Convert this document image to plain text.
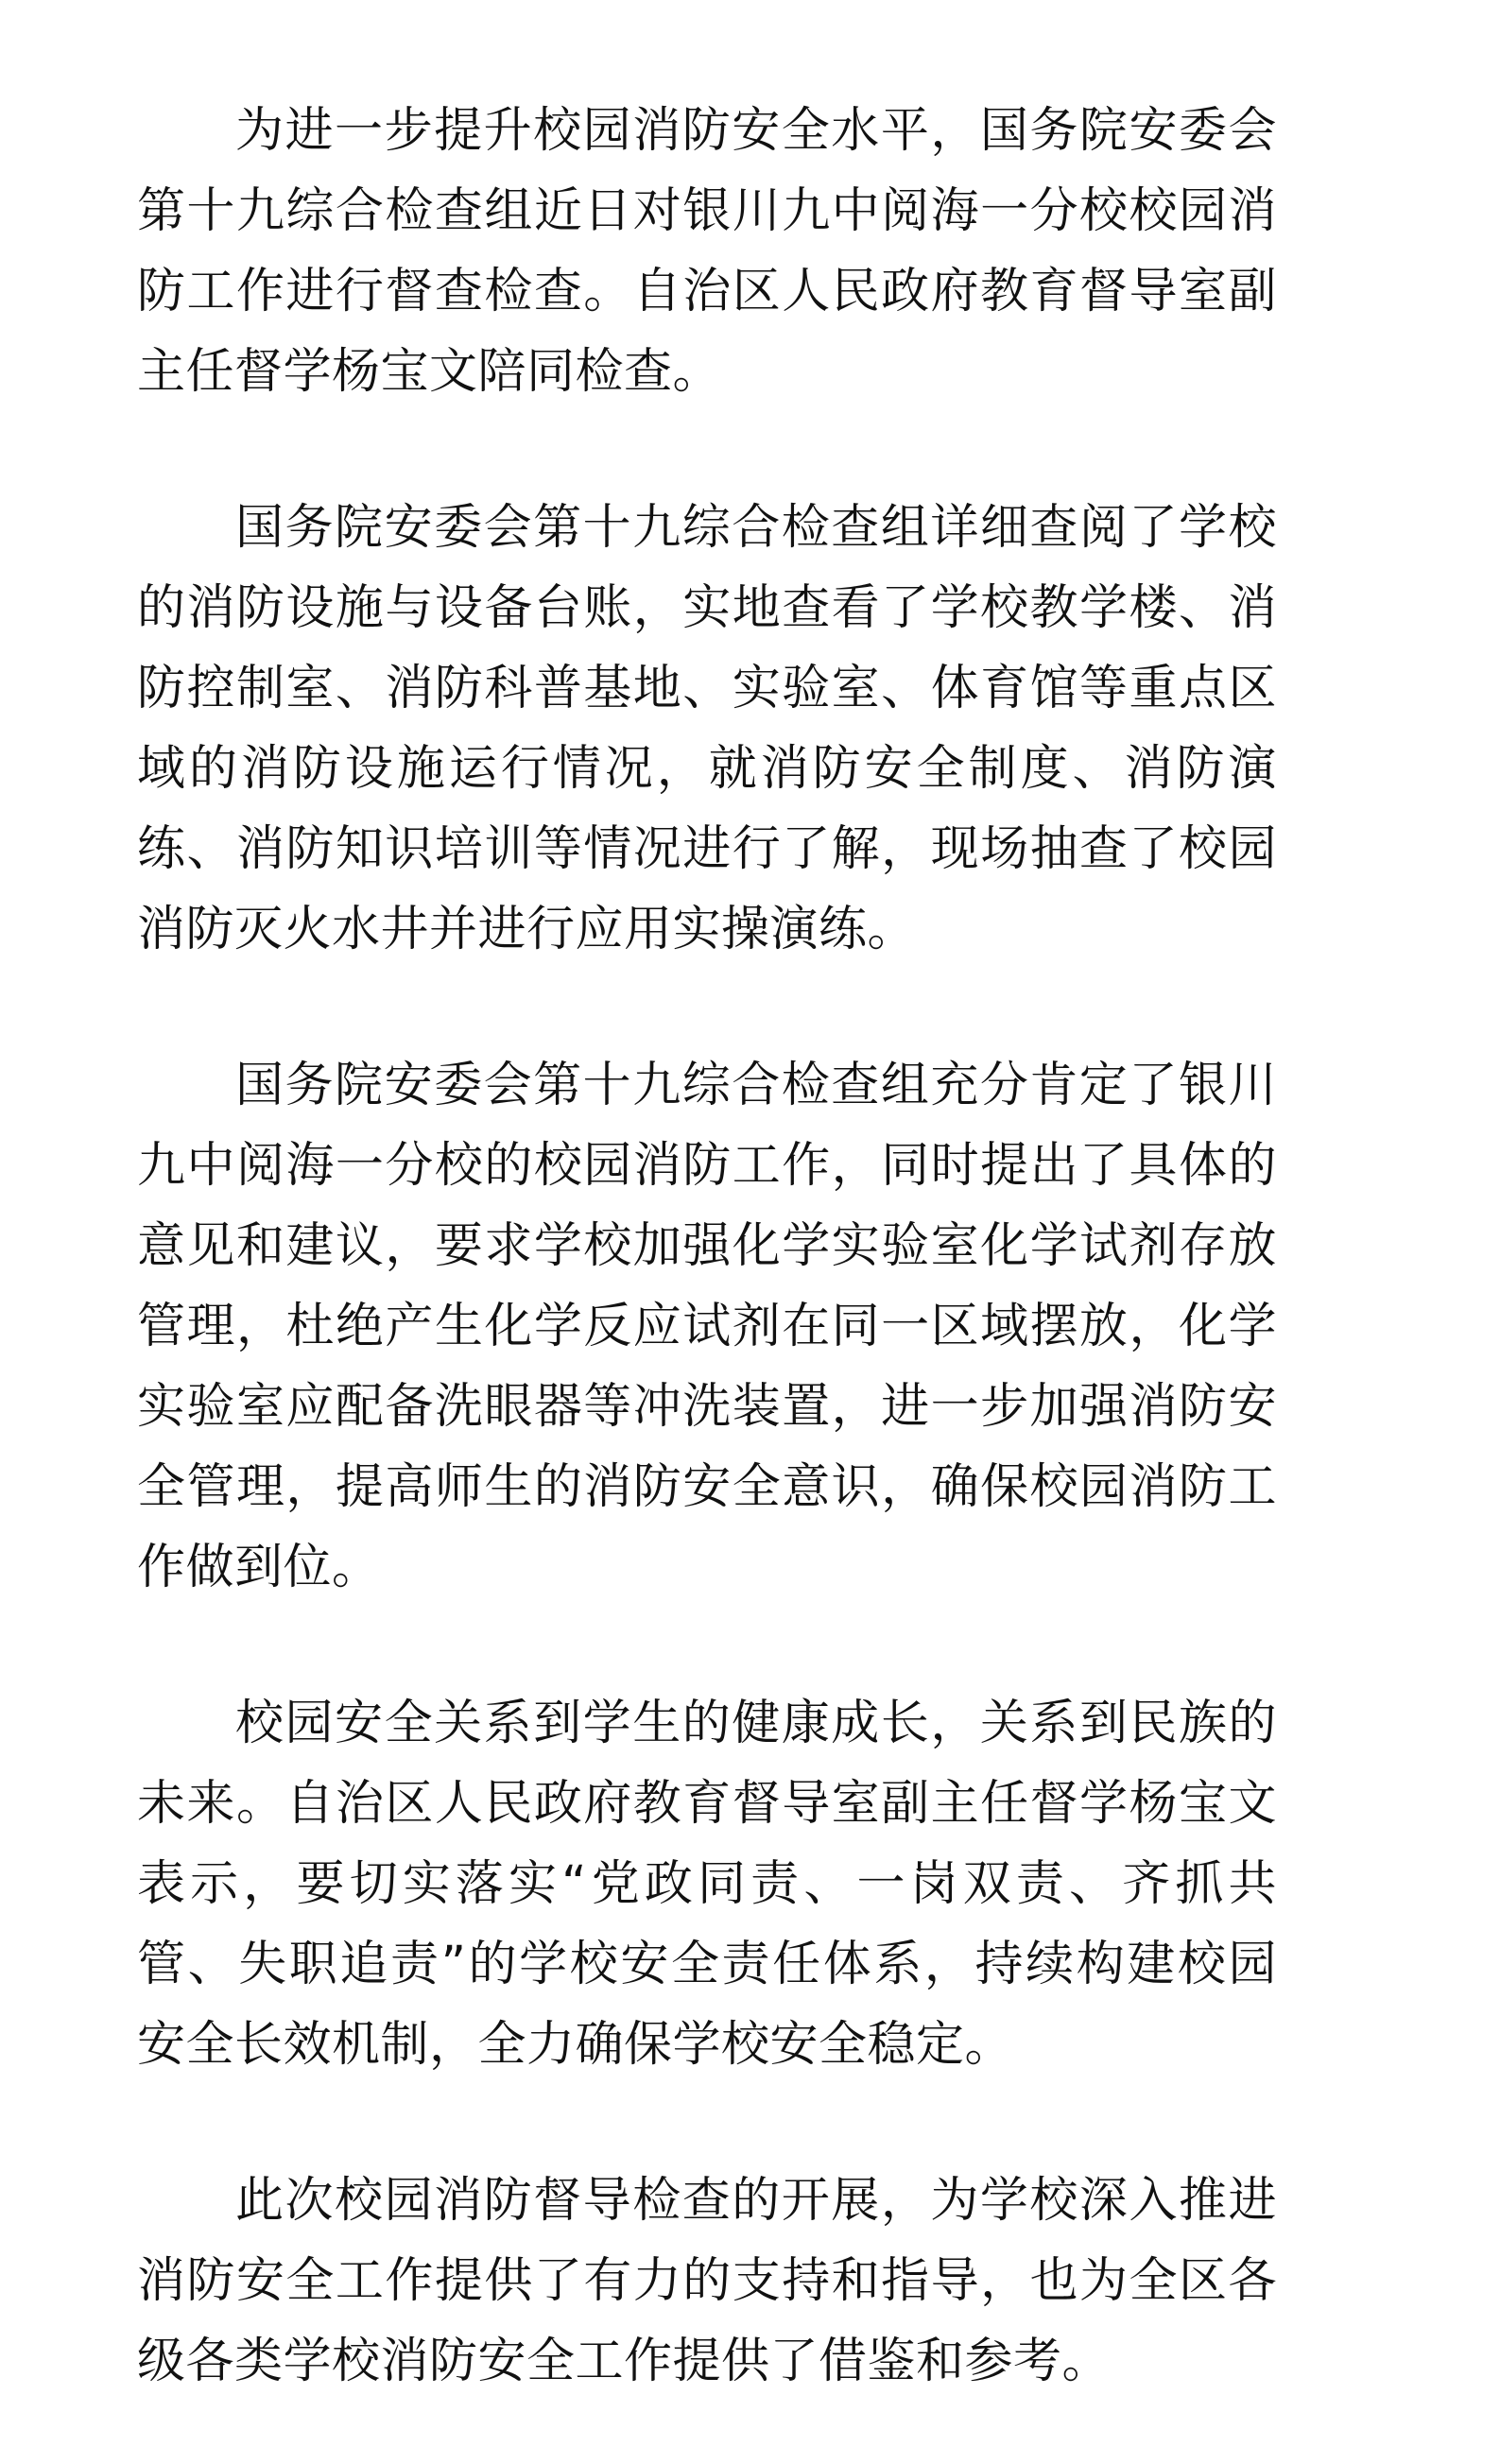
为进一步提升校园消防安全水平，国务院安委会第十九综合检查组近日对银川九中阅海一分校校园消防工作进行督查检查。自治区人民政府教育督导室副主任督学杨宝文陪同检查。

国务院安委会第十九综合检查组详细查阅了学校的消防设施与设备台账，实地查看了学校教学楼、消防控制室、消防科普基地、实验室、体育馆等重点区域的消防设施运行情况，就消防安全制度、消防演练、消防知识培训等情况进行了解，现场抽查了校园消防灭火水井并进行应用实操演练。

国务院安委会第十九综合检查组充分肯定了银川九中阅海一分校的校园消防工作，同时提出了具体的意见和建议，要求学校加强化学实验室化学试剂存放管理，杜绝产生化学反应试剂在同一区域摆放，化学实验室应配备洗眼器等冲洗装置，进一步加强消防安全管理，提高师生的消防安全意识，确保校园消防工作做到位。

校园安全关系到学生的健康成长，关系到民族的未来。自治区人民政府教育督导室副主任督学杨宝文表示，要切实落实“党政同责、一岗双责、齐抓共管、失职追责”的学校安全责任体系，持续构建校园安全长效机制，全力确保学校安全稳定。

此次校园消防督导检查的开展，为学校深入推进消防安全工作提供了有力的支持和指导，也为全区各级各类学校消防安全工作提供了借鉴和参考。
